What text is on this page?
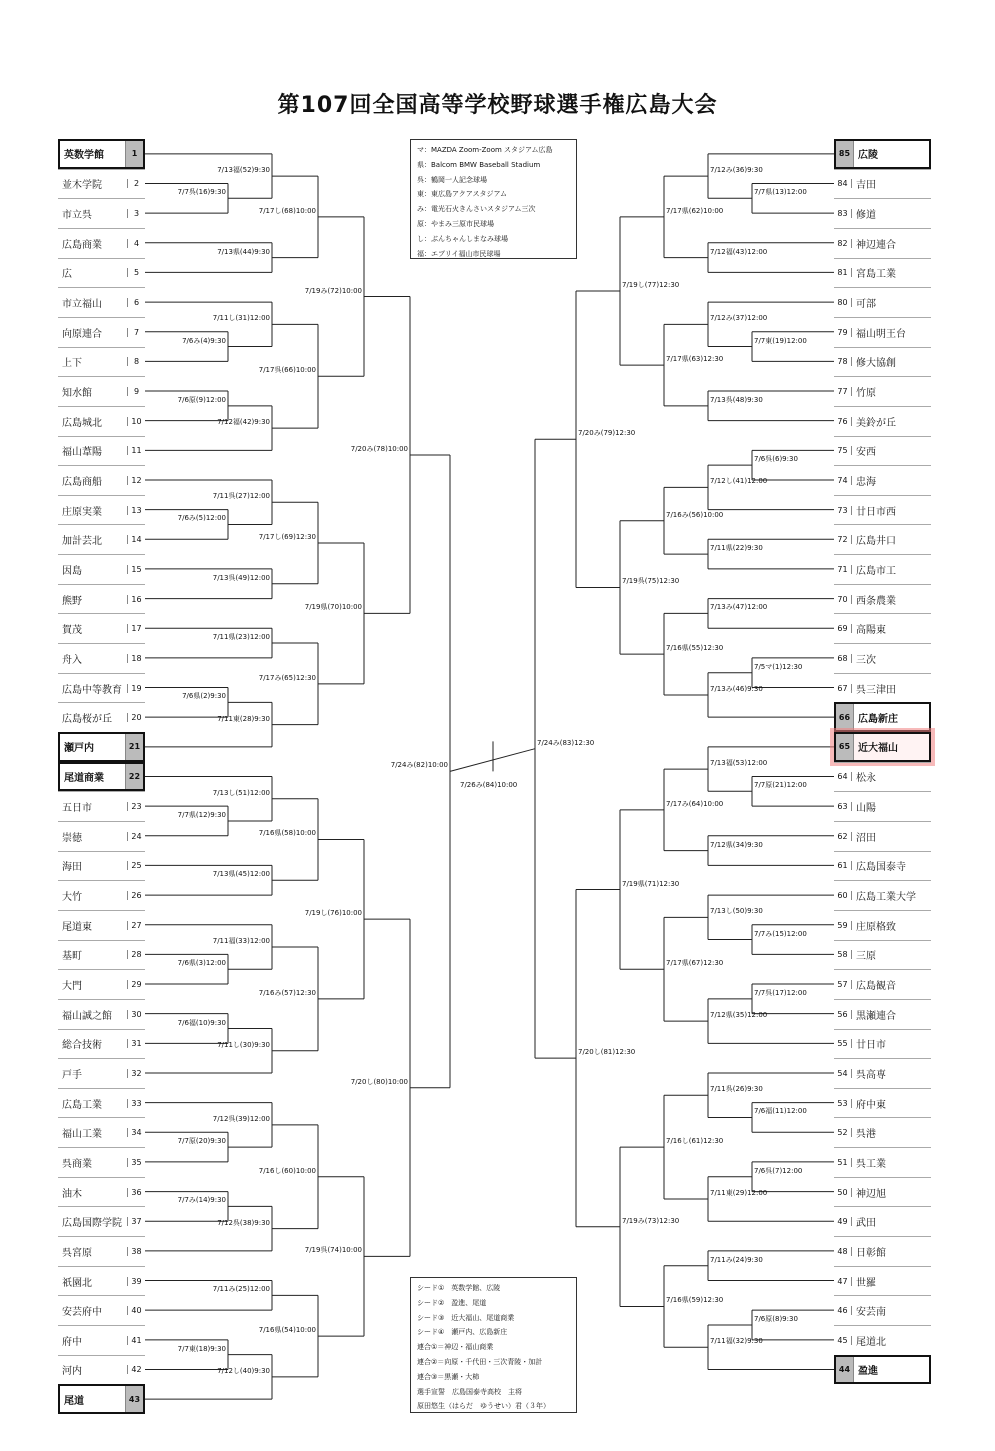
第107回全国高等学校野球選手権広島大会
英数学館	1
並木学院	2
市立呉	3
広島商業	4
広	5
市立福山	6
向原連合	7
上下	8
知水館	9
広島城北	10
福山葦陽	11
広島商船	12
庄原実業	13
加計芸北	14
因島	15
熊野	16
賀茂	17
舟入	18
広島中等教育	19
広島桜が丘	20
瀬戸内	21
尾道商業	22
五日市	23
崇徳	24
海田	25
大竹	26
尾道東	27
基町	28
大門	29
福山誠之館	30
総合技術	31
戸手	32
広島工業	33
福山工業	34
呉商業	35
油木	36
広島国際学院	37
呉宮原	38
祇園北	39
安芸府中	40
府中	41
河内	42
尾道	43
85 広陵
84 吉田
83 修道
82 神辺連合
81 宮島工業
80 可部
79 福山明王台
78 修大協創
77 竹原
76 美鈴が丘
75 安西
74 忠海
73 廿日市西
72 広島井口
71 広島市工
70 西条農業
69 高陽東
68 三次
67 呉三津田
66 広島新庄
65 近大福山
64 松永
63 山陽
62 沼田
61 広島国泰寺
60 広島工業大学
59 庄原格致
58 三原
57 広島観音
56 黒瀬連合
55 廿日市
54 呉高専
53 府中東
52 呉港
51 呉工業
50 神辺旭
49 武田
48 日彰館
47 世羅
46 安芸南
45 尾道北
44 盈進
7/7呉(16)9:30
7/13福(52)9:30
7/13県(44)9:30
7/17し(68)10:00
7/6み(4)9:30
7/11し(31)12:00
7/6原(9)12:00
7/12福(42)9:30
7/17呉(66)10:00
7/19み(72)10:00
7/6み(5)12:00
7/11呉(27)12:00
7/13呉(49)12:00
7/17し(69)12:30
7/11県(23)12:00
7/6県(2)9:30
7/11東(28)9:30
7/17み(65)12:30
7/19県(70)10:00
7/20み(78)10:00
7/7県(12)9:30
7/13し(51)12:00
7/13県(45)12:00
7/16県(58)10:00
7/6県(3)12:00
7/11福(33)12:00
7/6福(10)9:30
7/11し(30)9:30
7/16み(57)12:30
7/19し(76)10:00
7/7原(20)9:30
7/12呉(39)12:00
7/7み(14)9:30
7/12呉(38)9:30
7/16し(60)10:00
7/11み(25)12:00
7/7東(18)9:30
7/12し(40)9:30
7/16県(54)10:00
7/19呉(74)10:00
7/20し(80)10:00
7/24み(82)10:00
7/7県(13)12:00
7/12み(36)9:30
7/12福(43)12:00
7/17県(62)10:00
7/7東(19)12:00
7/12み(37)12:00
7/13呉(48)9:30
7/17県(63)12:30
7/19し(77)12:30
7/6呉(6)9:30
7/12し(41)12:00
7/11県(22)9:30
7/16み(56)10:00
7/13み(47)12:00
7/5マ(1)12:30
7/13み(46)9:30
7/16県(55)12:30
7/19呉(75)12:30
7/20み(79)12:30
7/7原(21)12:00
7/13福(53)12:00
7/12県(34)9:30
7/17み(64)10:00
7/7み(15)12:00
7/13し(50)9:30
7/7呉(17)12:00
7/12県(35)12:00
7/17県(67)12:30
7/19県(71)12:30
7/6福(11)12:00
7/11呉(26)9:30
7/6呉(7)12:00
7/11東(29)12:00
7/16し(61)12:30
7/11み(24)9:30
7/6原(8)9:30
7/11福(32)9:30
7/16県(59)12:30
7/19み(73)12:30
7/20し(81)12:30
7/24み(83)12:30
7/26み(84)10:00
マ：MAZDA Zoom-Zoom スタジアム広島
県：Balcom BMW Baseball Stadium
呉：鶴岡一人記念球場
東：東広島アクアスタジアム
み：電光石火きんさいスタジアム三次
原：やまみ三原市民球場
し：ぶんちゃんしまなみ球場
福：エブリイ福山市民球場
シード①　英数学館、広陵
シード②　盈進、尾道
シード③　近大福山、尾道商業
シード④　瀬戸内、広島新庄
連合①＝神辺・福山商業
連合②＝向原・千代田・三次青陵・加計
連合③＝黒瀬・大柿
選手宣誓　広島国泰寺高校　主将
原田悠生（はらだ　ゆうせい）君（３年）
